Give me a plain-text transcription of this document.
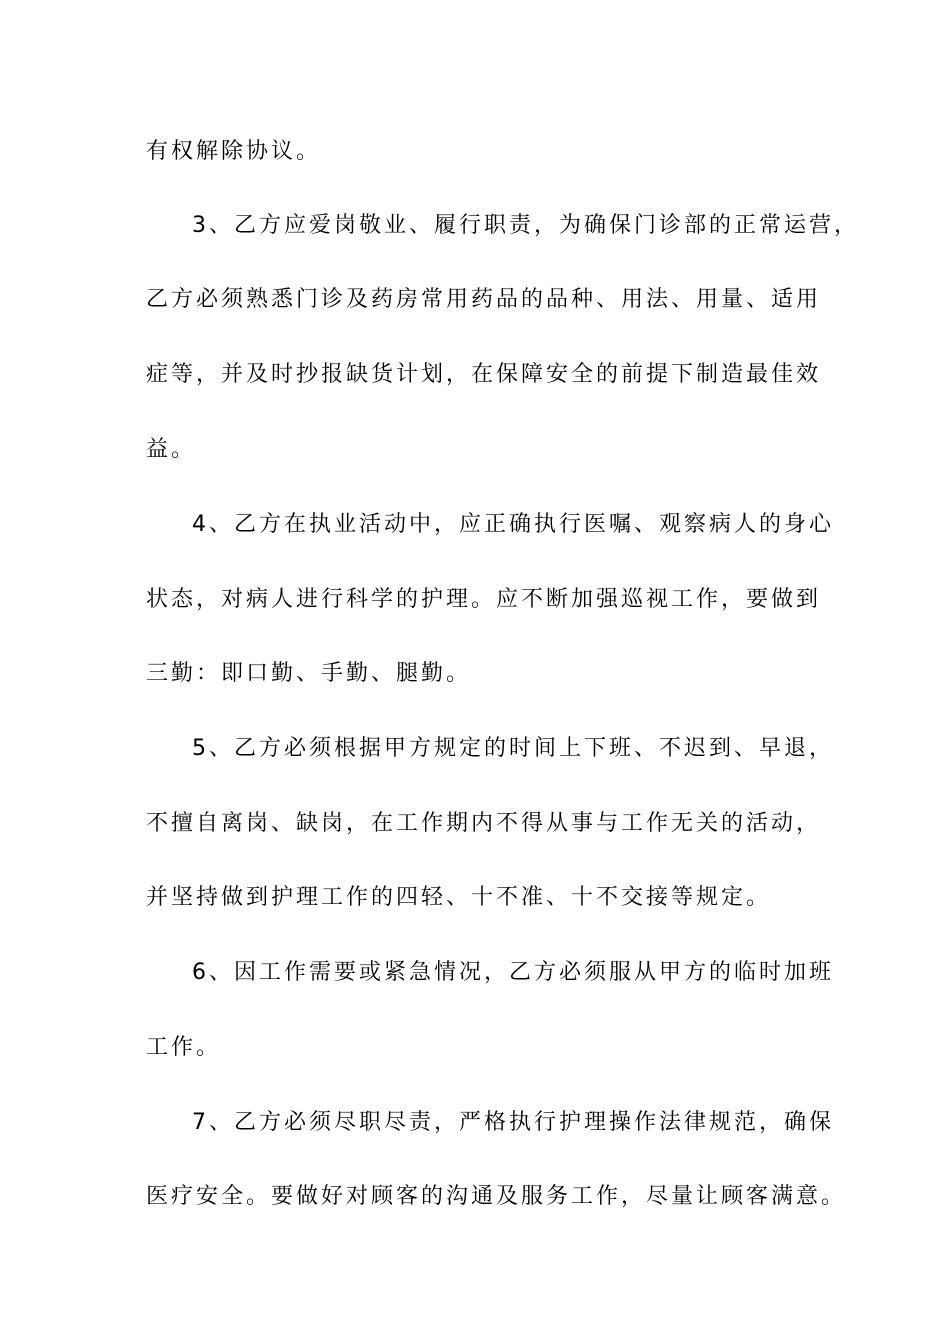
有权解除协议。
3、乙方应爱岗敬业、履行职责，为确保门诊部的正常运营，
乙方必须熟悉门诊及药房常用药品的品种、用法、用量、适用
症等，并及时抄报缺货计划，在保障安全的前提下制造最佳效
益。
4、乙方在执业活动中，应正确执行医嘱、观察病人的身心
状态，对病人进行科学的护理。应不断加强巡视工作，要做到
三勤：即口勤、手勤、腿勤。
5、乙方必须根据甲方规定的时间上下班、不迟到、早退，
不擅自离岗、缺岗，在工作期内不得从事与工作无关的活动，
并坚持做到护理工作的四轻、十不准、十不交接等规定。
6、因工作需要或紧急情况，乙方必须服从甲方的临时加班
工作。
7、乙方必须尽职尽责，严格执行护理操作法律规范，确保
医疗安全。要做好对顾客的沟通及服务工作，尽量让顾客满意。
